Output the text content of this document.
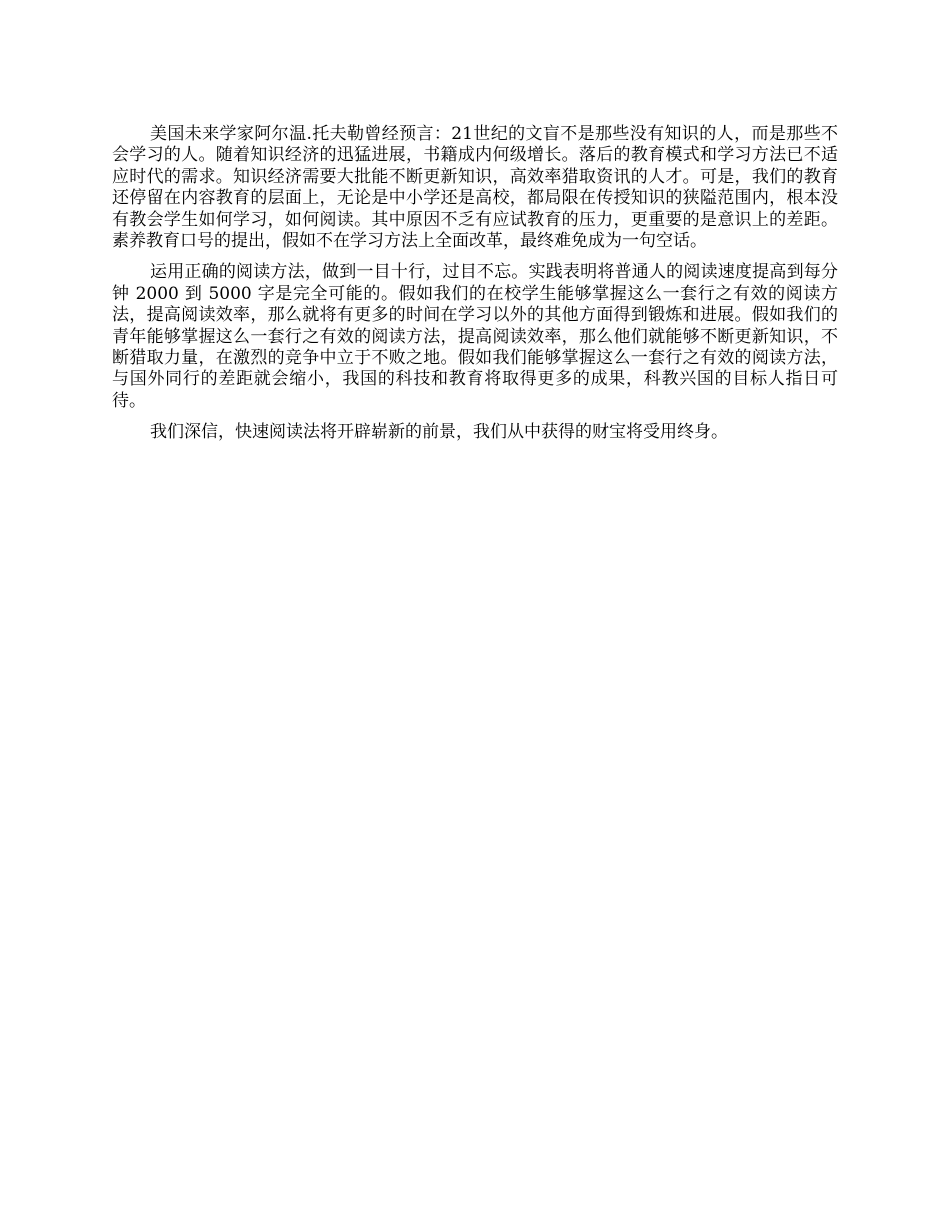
美国未来学家阿尔温.托夫勒曾经预言：21世纪的文盲不是那些没有知识的人，而是那些不会学习的人。随着知识经济的迅猛进展，书籍成内何级增长。落后的教育模式和学习方法已不适应时代的需求。知识经济需要大批能不断更新知识，高效率猎取资讯的人才。可是，我们的教育还停留在内容教育的层面上，无论是中小学还是高校，都局限在传授知识的狭隘范围内，根本没有教会学生如何学习，如何阅读。其中原因不乏有应试教育的压力，更重要的是意识上的差距。素养教育口号的提出，假如不在学习方法上全面改革，最终难免成为一句空话。

运用正确的阅读方法，做到一目十行，过目不忘。实践表明将普通人的阅读速度提高到每分钟 2000 到 5000 字是完全可能的。假如我们的在校学生能够掌握这么一套行之有效的阅读方法，提高阅读效率，那么就将有更多的时间在学习以外的其他方面得到锻炼和进展。假如我们的青年能够掌握这么一套行之有效的阅读方法，提高阅读效率，那么他们就能够不断更新知识，不断猎取力量，在激烈的竞争中立于不败之地。假如我们能够掌握这么一套行之有效的阅读方法，与国外同行的差距就会缩小，我国的科技和教育将取得更多的成果，科教兴国的目标人指日可待。

我们深信，快速阅读法将开辟崭新的前景，我们从中获得的财宝将受用终身。
